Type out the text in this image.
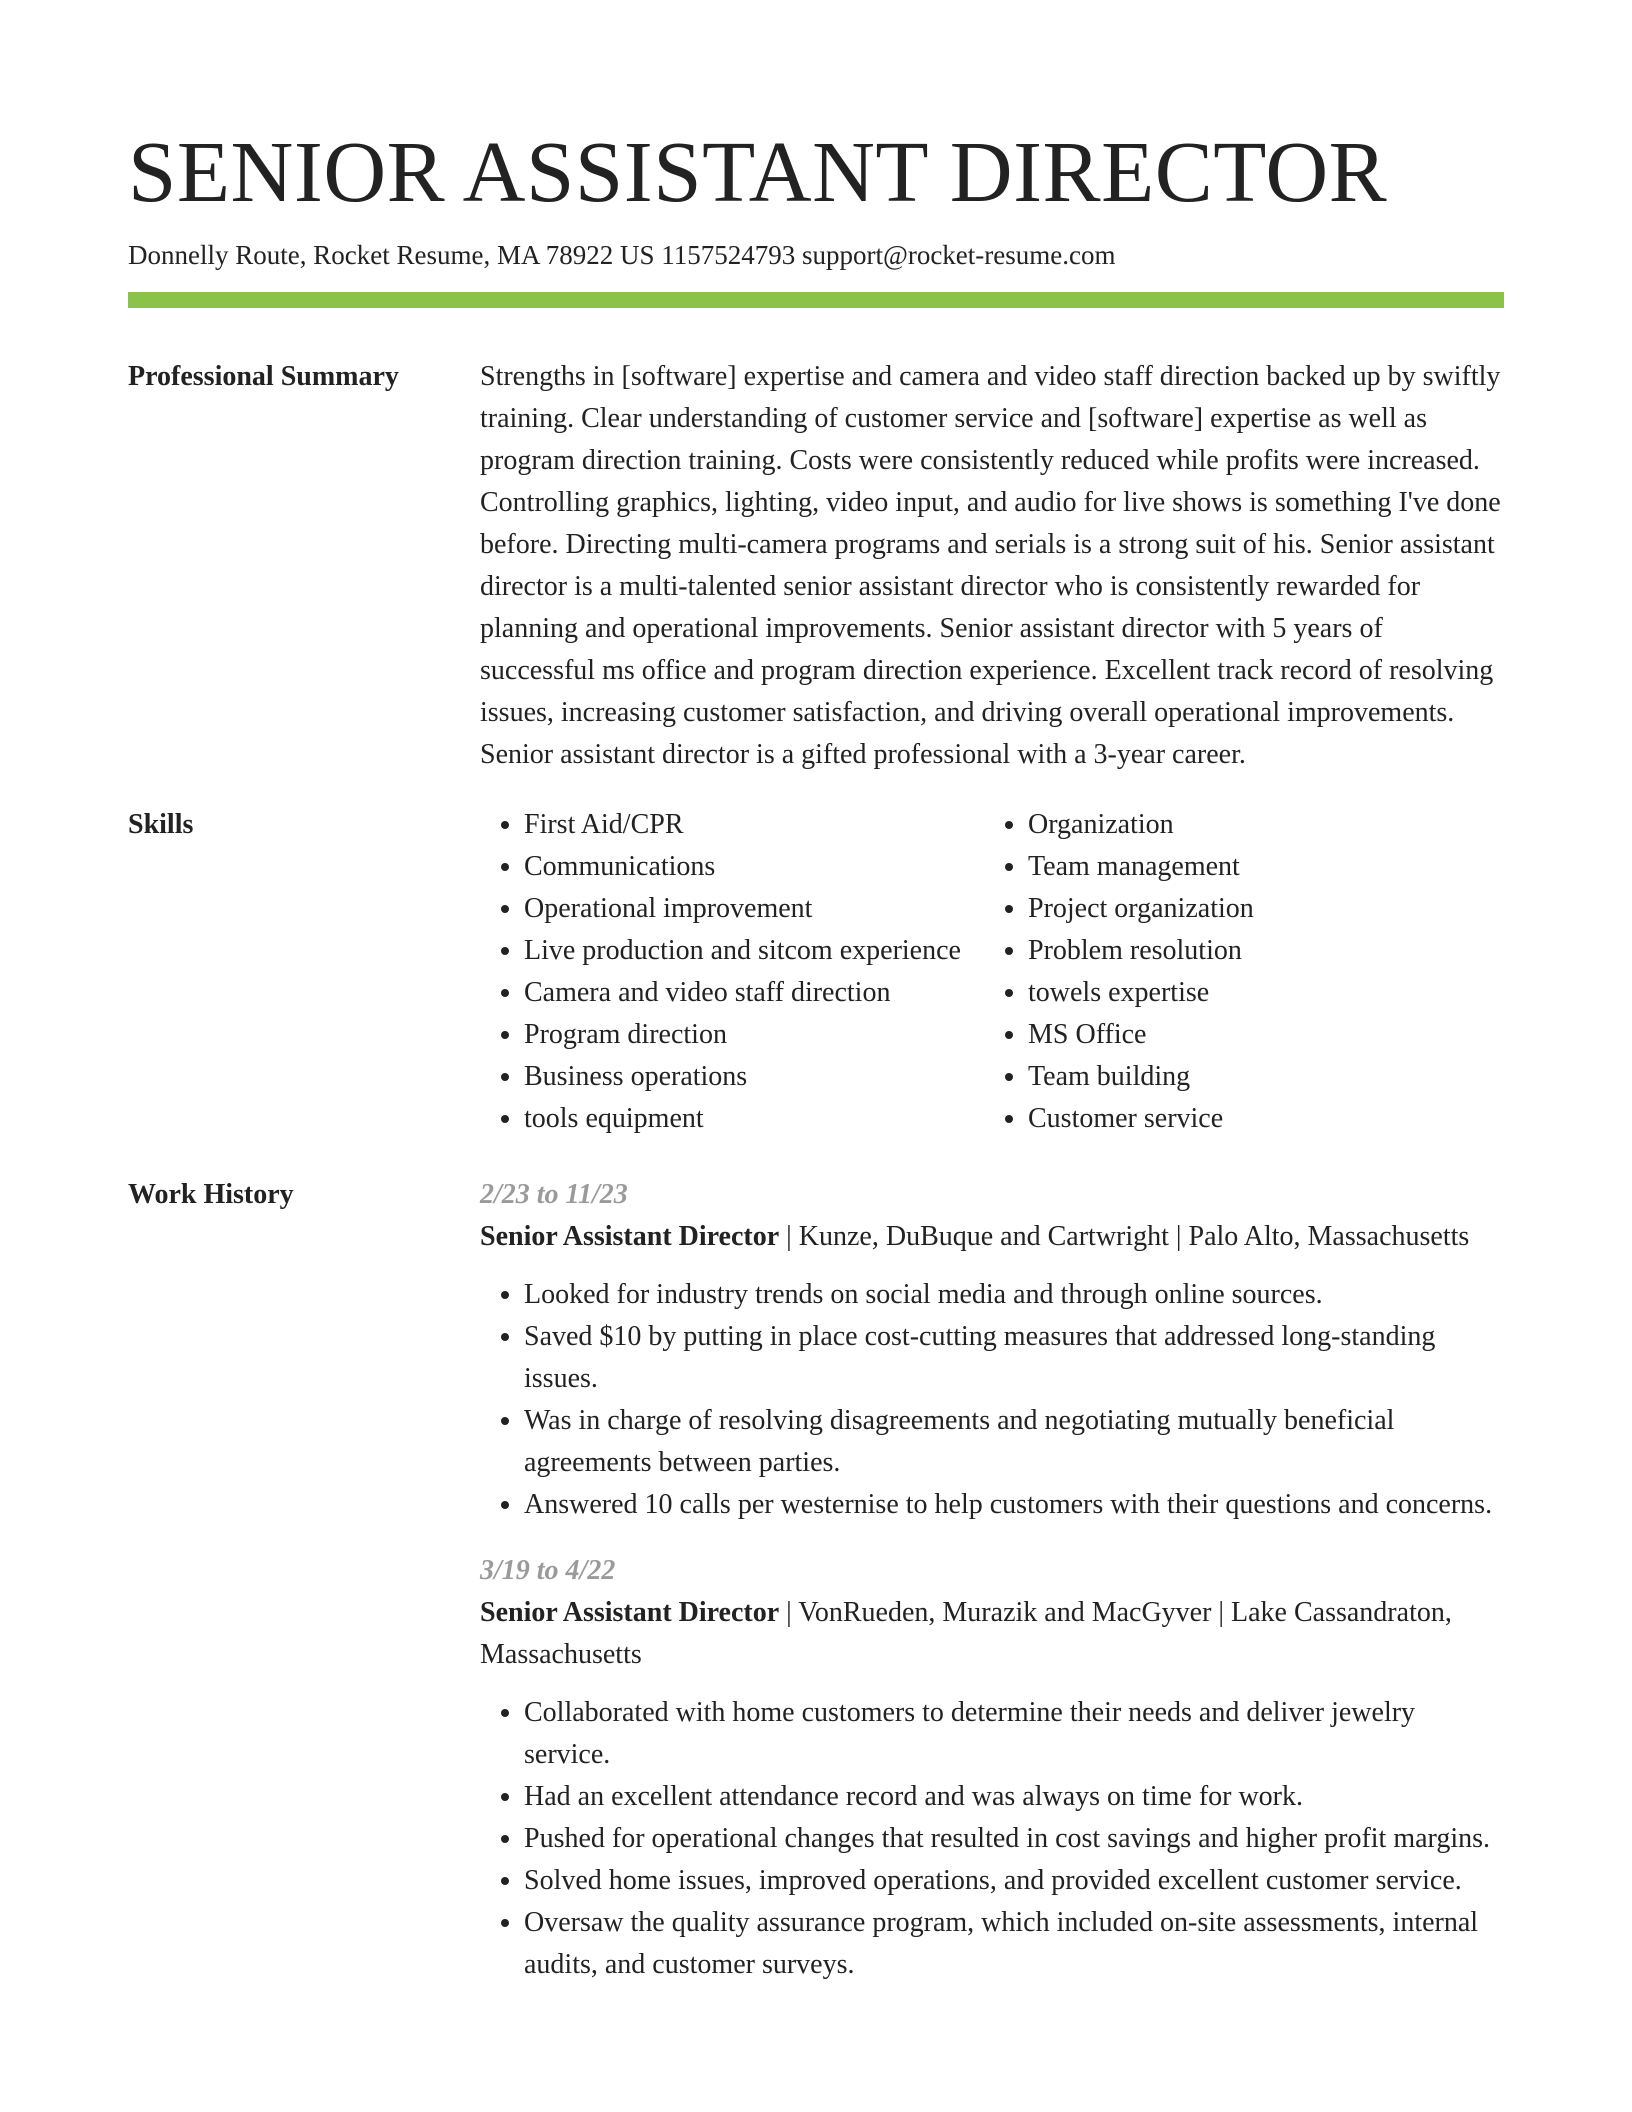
SENIOR ASSISTANT DIRECTOR
Donnelly Route, Rocket Resume, MA 78922 US 1157524793 support@rocket-resume.com
Professional Summary	Strengths in [software] expertise and camera and video staff direction backed up by swiftly training. Clear understanding of customer service and [software] expertise as well as program direction training. Costs were consistently reduced while profits were increased. Controlling graphics, lighting, video input, and audio for live shows is something I've done before. Directing multi-camera programs and serials is a strong suit of his. Senior assistant director is a multi-talented senior assistant director who is consistently rewarded for planning and operational improvements. Senior assistant director with 5 years of successful ms office and program direction experience. Excellent track record of resolving issues, increasing customer satisfaction, and driving overall operational improvements. Senior assistant director is a gifted professional with a 3-year career.

Skills
•	First Aid/CPR
• Communications
• Operational improvement
• Live production and sitcom experience
• Camera and video staff direction
• Program direction
• Business operations
• tools equipment
• Organization
• Team management
• Project organization
• Problem resolution
• towels expertise
• MS Office
• Team building
• Customer service
Work History	2/23 to 11/23
Senior Assistant Director | Kunze, DuBuque and Cartwright | Palo Alto, Massachusetts
• Looked for industry trends on social media and through online sources.
• Saved $10 by putting in place cost-cutting measures that addressed long-standing issues.
• Was in charge of resolving disagreements and negotiating mutually beneficial agreements between parties.
• Answered 10 calls per westernise to help customers with their questions and concerns.
3/19 to 4/22
Senior Assistant Director | VonRueden, Murazik and MacGyver | Lake Cassandraton, Massachusetts
• Collaborated with home customers to determine their needs and deliver jewelry service.
• Had an excellent attendance record and was always on time for work.
• Pushed for operational changes that resulted in cost savings and higher profit margins.
• Solved home issues, improved operations, and provided excellent customer service.
• Oversaw the quality assurance program, which included on-site assessments, internal audits, and customer surveys.
